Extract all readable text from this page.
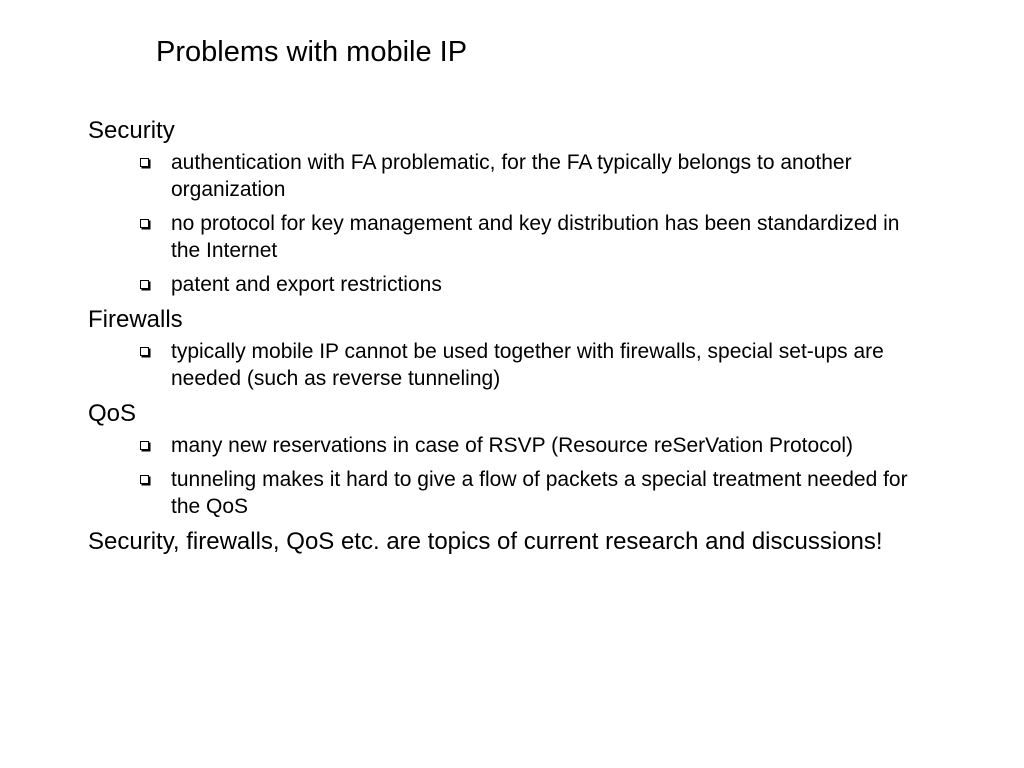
Problems with mobile IP
Security
authentication with FA problematic, for the FA typically belongs to another organization
no protocol for key management and key distribution has been standardized in the Internet
patent and export restrictions
Firewalls
typically mobile IP cannot be used together with firewalls, special set-ups are needed (such as reverse tunneling)
QoS
many new reservations in case of RSVP (Resource reSerVation Protocol)
tunneling makes it hard to give a flow of packets a special treatment needed for the QoS
Security, firewalls, QoS etc. are topics of current research and discussions!
